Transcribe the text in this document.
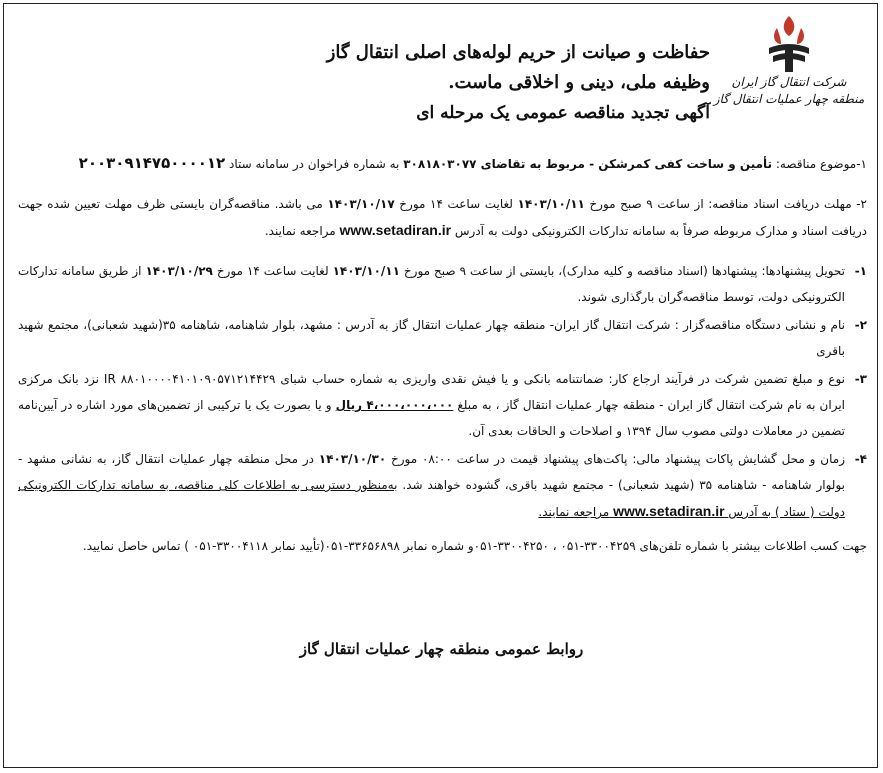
شرکت انتقال گاز ایران
منطقه چهار عملیات انتقال گاز
حفاظت و صیانت از حریم لوله‌های اصلی انتقال گاز
وظیفه ملی، دینی و اخلاقی ماست.
آگهی تجدید مناقصه عمومی یک مرحله ای

۱-موضوع مناقصه: تأمین و ساخت کفی کمرشکن - مربوط به تقاضای ۳۰۸۱۸۰۳۰۷۷ به شماره فراخوان در سامانه ستاد ۲۰۰۳۰۹۱۴۷۵۰۰۰۰۱۲

۲- مهلت دریافت اسناد مناقصه: از ساعت ۹ صبح مورخ ۱۴۰۳/۱۰/۱۱ لغایت ساعت ۱۴ مورخ ۱۴۰۳/۱۰/۱۷ می باشد. مناقصه‌گران بایستی ظرف مهلت تعیین شده جهت دریافت اسناد و مدارک مربوطه صرفاً به سامانه تدارکات الکترونیکی دولت به آدرس www.setadiran.ir مراجعه نمایند.

۱-
تحویل پیشنهادها: پیشنهادها (اسناد مناقصه و کلیه مدارک)، بایستی از ساعت ۹ صبح مورخ ۱۴۰۳/۱۰/۱۱ لغایت ساعت ۱۴ مورخ ۱۴۰۳/۱۰/۲۹ از طریق سامانه تدارکات الکترونیکی دولت، توسط مناقصه‌گران بارگذاری شوند.
۲-
نام و نشانی دستگاه مناقصه‌گزار : شرکت انتقال گاز ایران- منطقه چهار عملیات انتقال گاز به آدرس : مشهد، بلوار شاهنامه، شاهنامه ۳۵(شهید شعبانی)، مجتمع شهید باقری
۳-
نوع و مبلغ تضمین شرکت در فرآیند ارجاع کار: ضمانتنامه بانکی و یا فیش نقدی واریزی به شماره حساب شبای IR ۸۸۰۱۰۰۰۰۴۱۰۱۰۹۰۵۷۱۲۱۴۴۲۹ نزد بانک مرکزی ایران به نام شرکت انتقال گاز ایران - منطقه چهار عملیات انتقال گاز ، به مبلغ ۴،۰۰۰،۰۰۰،۰۰۰ ریال و یا بصورت یک یا ترکیبی از تضمین‌های مورد اشاره در آیین‌نامه تضمین در معاملات دولتی مصوب سال ۱۳۹۴ و اصلاحات و الحاقات بعدی آن.
۴-
زمان و محل گشایش پاکات پیشنهاد مالی: پاکت‌های پیشنهاد قیمت در ساعت ۰۸:۰۰ مورخ ۱۴۰۳/۱۰/۳۰ در محل منطقه چهار عملیات انتقال گاز، به نشانی مشهد - بولوار شاهنامه - شاهنامه ۳۵ (شهید شعبانی) - مجتمع شهید باقری، گشوده خواهند شد. به‌منظور دسترسی به اطلاعات کلی مناقصه، به سامانه تدارکات الکترونیکی دولت ( ستاد ) به آدرس www.setadiran.ir مراجعه نمایند.

جهت کسب اطلاعات بیشتر با شماره تلفن‌های ۳۳۰۰۴۲۵۹-۰۵۱ ، ۳۳۰۰۴۲۵۰-۰۵۱و شماره نمابر ۳۳۶۵۶۸۹۸-۰۵۱(تأیید نمابر ۳۳۰۰۴۱۱۸-۰۵۱ ) تماس حاصل نمایید.

روابط عمومی منطقه چهار عملیات انتقال گاز
